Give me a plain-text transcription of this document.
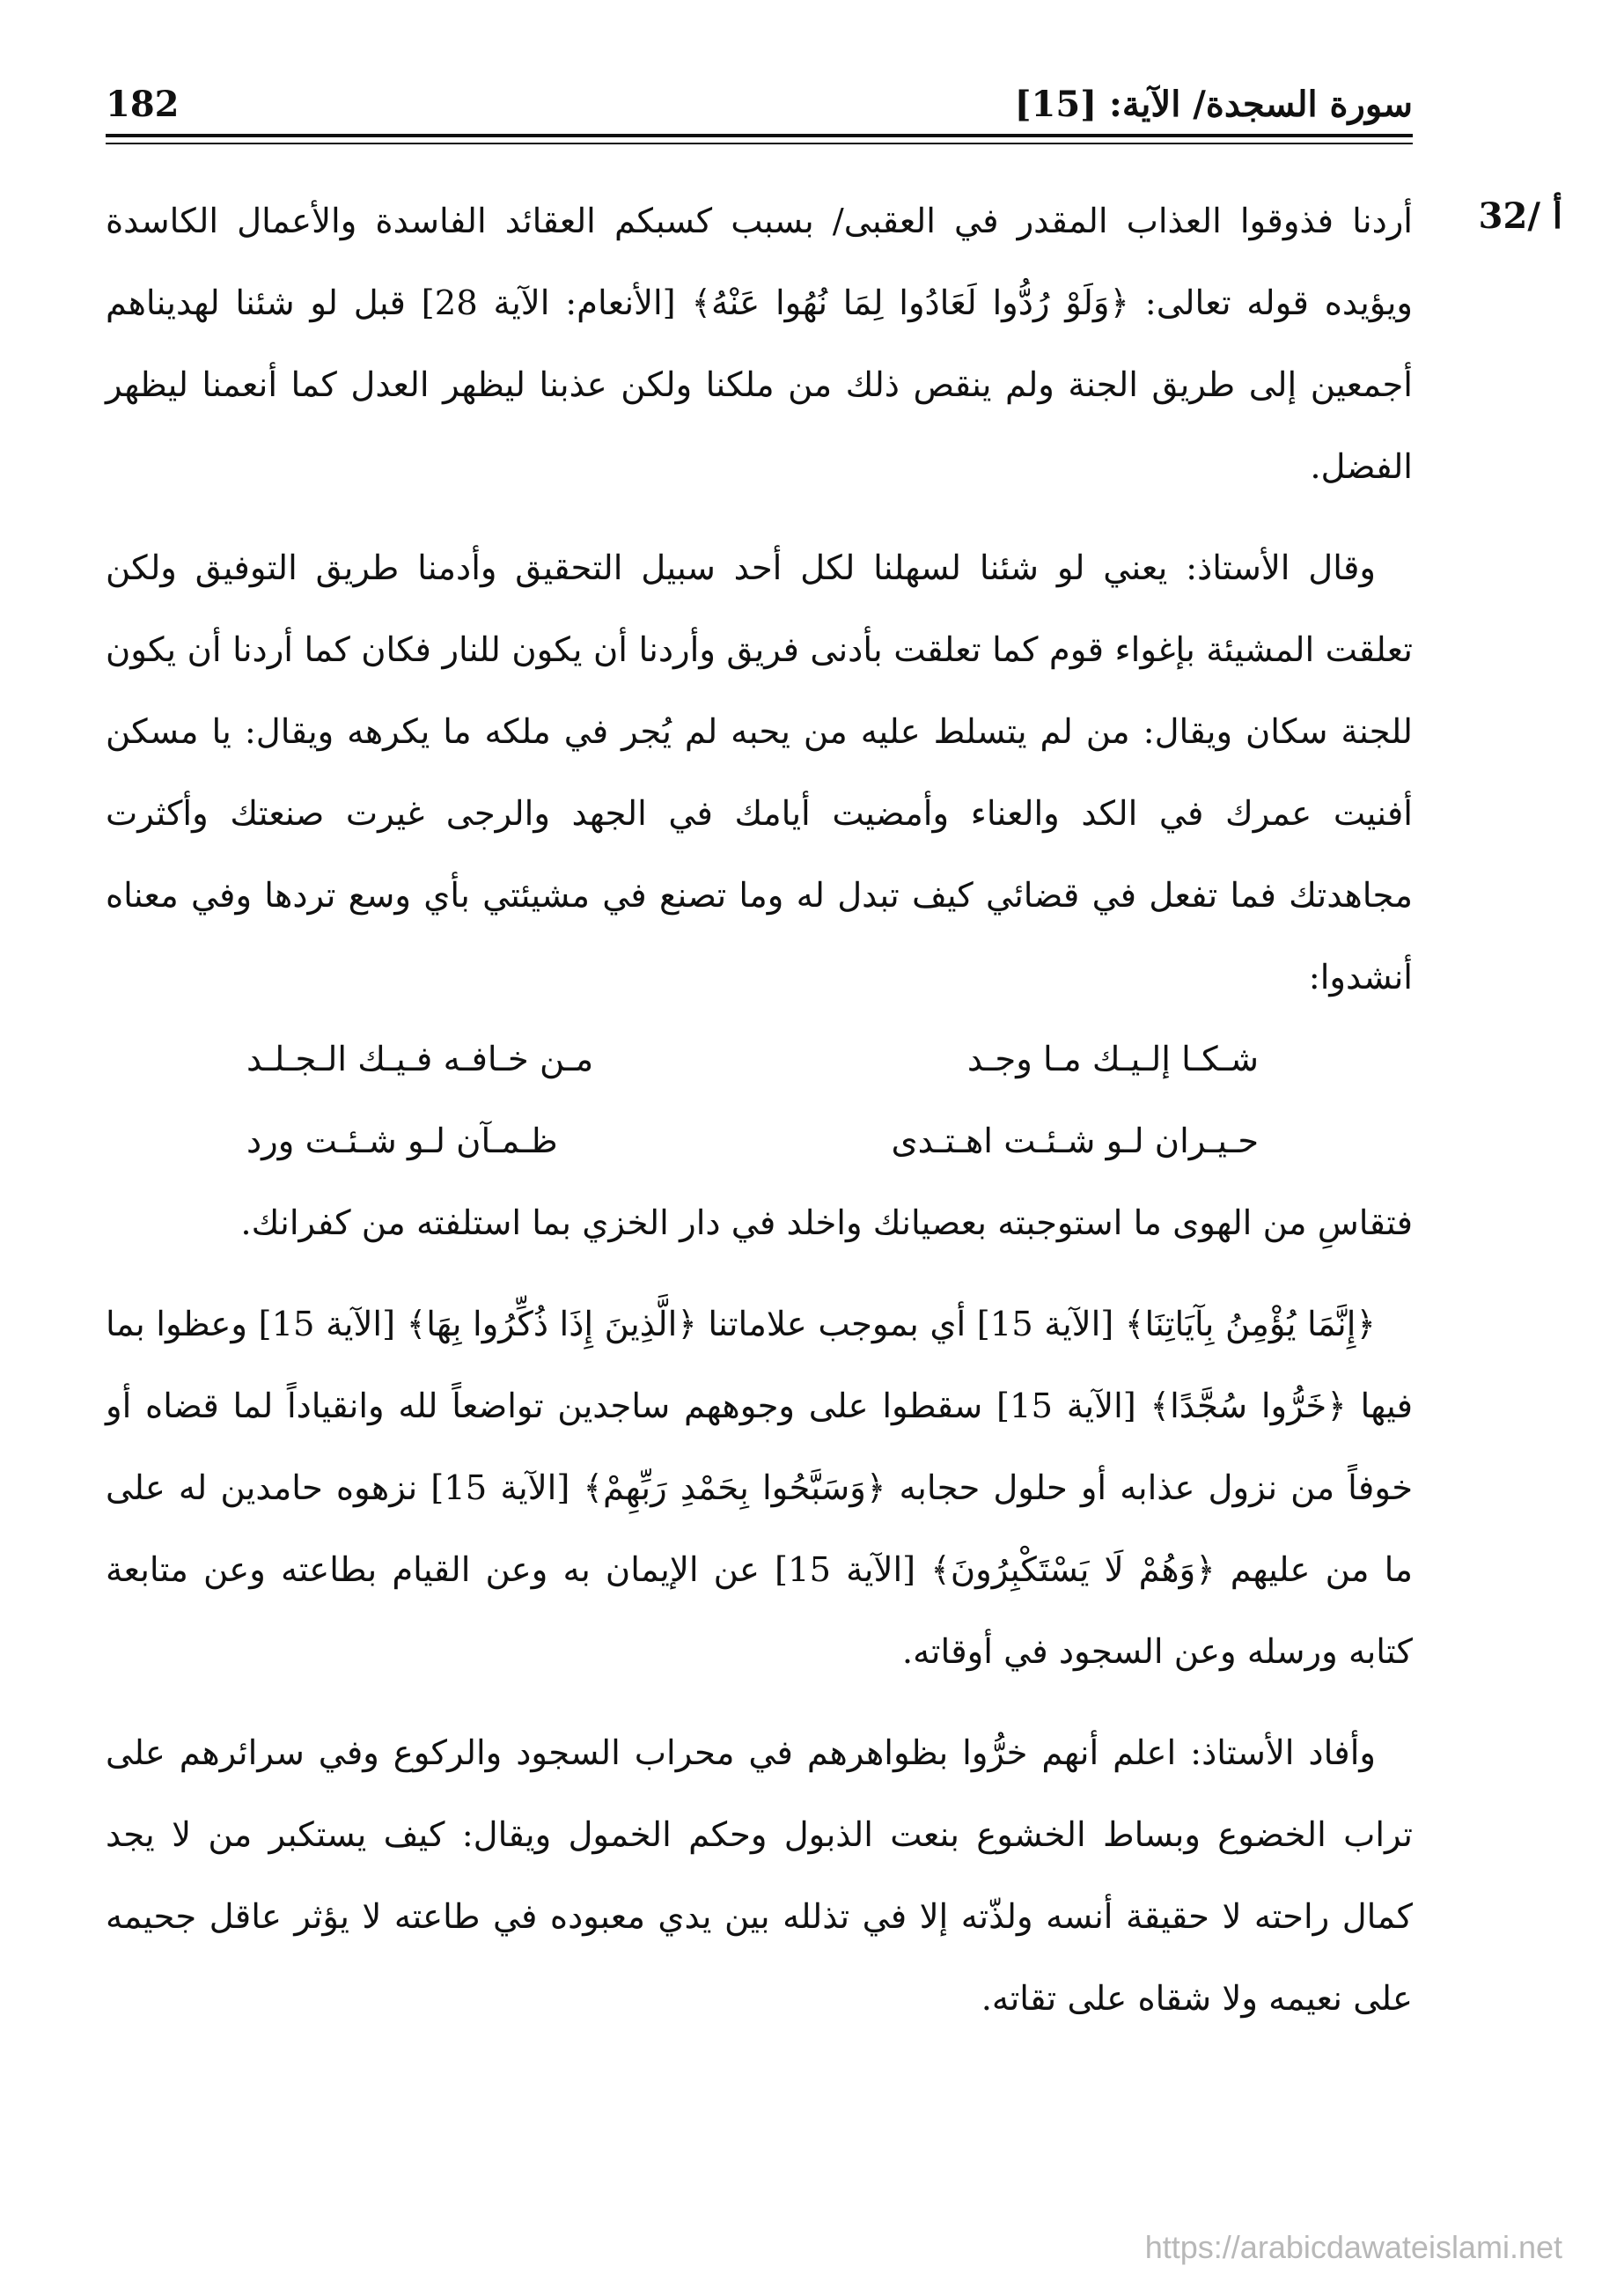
182	سورة السجدة/ الآية: [15]
32/ أ

أردنا فذوقوا العذاب المقدر في العقبى/ بسبب كسبكم العقائد الفاسدة والأعمال الكاسدة ويؤيده قوله تعالى: ﴿وَلَوْ رُدُّوا لَعَادُوا لِمَا نُهُوا عَنْهُ﴾ [الأنعام: الآية 28] قبل لو شئنا لهديناهم أجمعين إلى طريق الجنة ولم ينقص ذلك من ملكنا ولكن عذبنا ليظهر العدل كما أنعمنا ليظهر الفضل.

وقال الأستاذ: يعني لو شئنا لسهلنا لكل أحد سبيل التحقيق وأدمنا طريق التوفيق ولكن تعلقت المشيئة بإغواء قوم كما تعلقت بأدنى فريق وأردنا أن يكون للنار فكان كما أردنا أن يكون للجنة سكان ويقال: من لم يتسلط عليه من يحبه لم يُجر في ملكه ما يكرهه ويقال: يا مسكن أفنيت عمرك في الكد والعناء وأمضيت أيامك في الجهد والرجى غيرت صنعتك وأكثرت مجاهدتك فما تفعل في قضائي كيف تبدل له وما تصنع في مشيئتي بأي وسع تردها وفي معناه أنشدوا:

شـكـا إلـيـك مـا وجـد
مـن خـافـه فـيـك الـجـلـد
حـيـران لـو شـئـت اهـتـدى
ظـمـآن لـو شـئـت ورد

فتقاسِ من الهوى ما استوجبته بعصيانك واخلد في دار الخزي بما استلفته من كفرانك.

﴿إِنَّمَا يُؤْمِنُ بِآيَاتِنَا﴾ [الآية 15] أي بموجب علاماتنا ﴿الَّذِينَ إِذَا ذُكِّرُوا بِهَا﴾ [الآية 15] وعظوا بما فيها ﴿خَرُّوا سُجَّدًا﴾ [الآية 15] سقطوا على وجوههم ساجدين تواضعاً لله وانقياداً لما قضاه أو خوفاً من نزول عذابه أو حلول حجابه ﴿وَسَبَّحُوا بِحَمْدِ رَبِّهِمْ﴾ [الآية 15] نزهوه حامدين له على ما من عليهم ﴿وَهُمْ لَا يَسْتَكْبِرُونَ﴾ [الآية 15] عن الإيمان به وعن القيام بطاعته وعن متابعة كتابه ورسله وعن السجود في أوقاته.

وأفاد الأستاذ: اعلم أنهم خرُّوا بظواهرهم في محراب السجود والركوع وفي سرائرهم على تراب الخضوع وبساط الخشوع بنعت الذبول وحكم الخمول ويقال: كيف يستكبر من لا يجد كمال راحته لا حقيقة أنسه ولذّته إلا في تذلله بين يدي معبوده في طاعته لا يؤثر عاقل جحيمه على نعيمه ولا شقاه على تقاته.

https://arabicdawateislami.net
